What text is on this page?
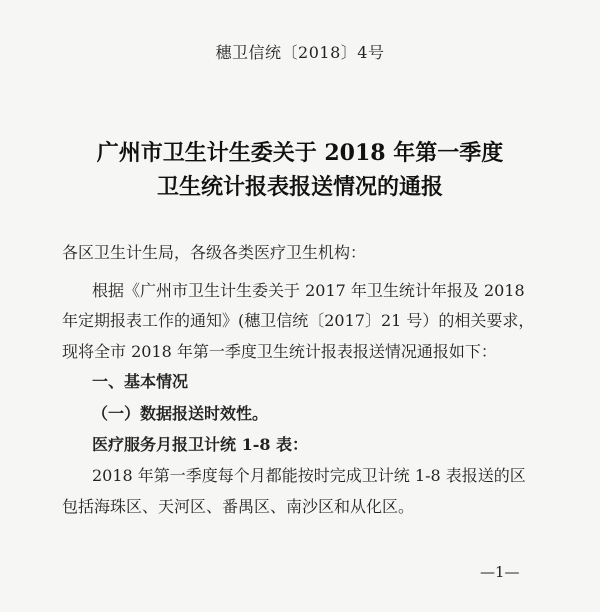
穗卫信统〔2018〕4号
广州市卫生计生委关于 2018 年第一季度
卫生统计报表报送情况的通报
各区卫生计生局，各级各类医疗卫生机构：
根据《广州市卫生计生委关于 2017 年卫生统计年报及 2018
年定期报表工作的通知》(穗卫信统〔2017〕21 号）的相关要求，
现将全市 2018 年第一季度卫生统计报表报送情况通报如下：
一、基本情况
（一）数据报送时效性。
医疗服务月报卫计统 1-8 表：
2018 年第一季度每个月都能按时完成卫计统 1-8 表报送的区
包括海珠区、天河区、番禺区、南沙区和从化区。
—1—
